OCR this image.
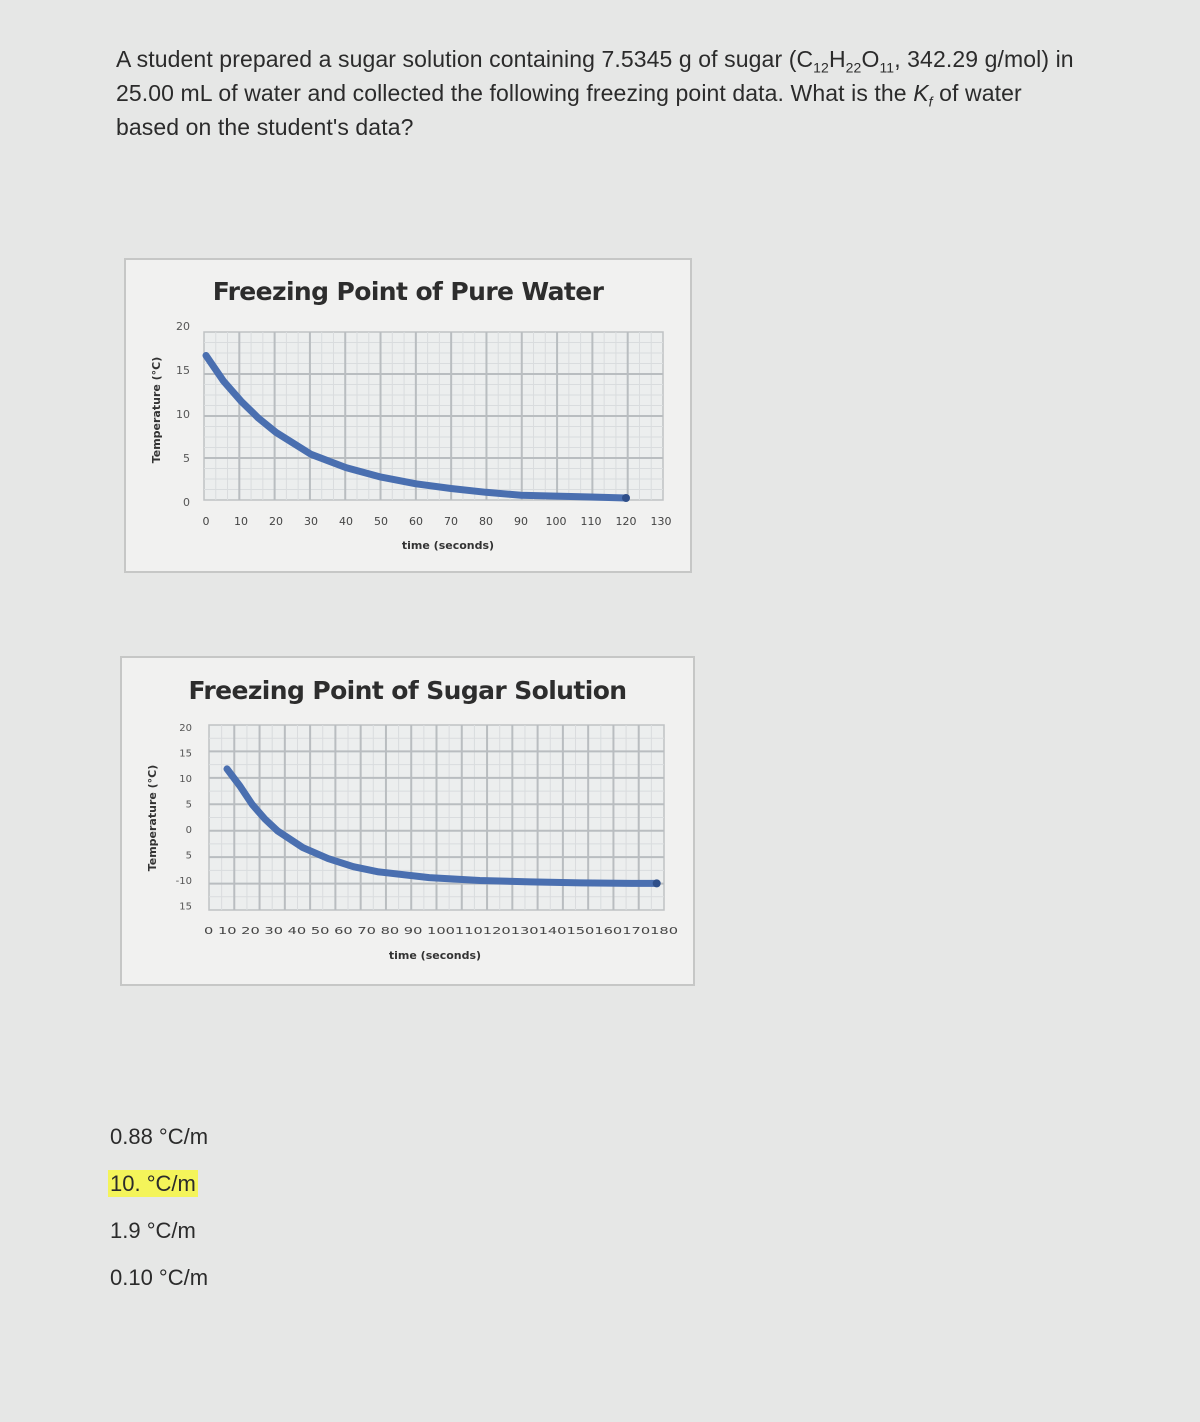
A student prepared a sugar solution containing 7.5345 g of sugar ($C_{12}H_{22}O_{11}$, 342.29 g/mol) in 25.00 mL of water and collected the following freezing point data. What is the $K_f$ of water based on the student's data?
Freezing Point of Pure Water
20
15
10
5
0
0 10 20 30 40 50 60 70 80 90 100 110 120 130
time (seconds)
Temperature (°C)
Freezing Point of Sugar Solution
20
15
10
5
0
5
-10
15
0 10 20 30 40 50 60 70 80 90 100110120130140150160170180
time (seconds)
Temperature (°C)
0.88 °C/m
10. °C/m
1.9 °C/m
0.10 °C/m
